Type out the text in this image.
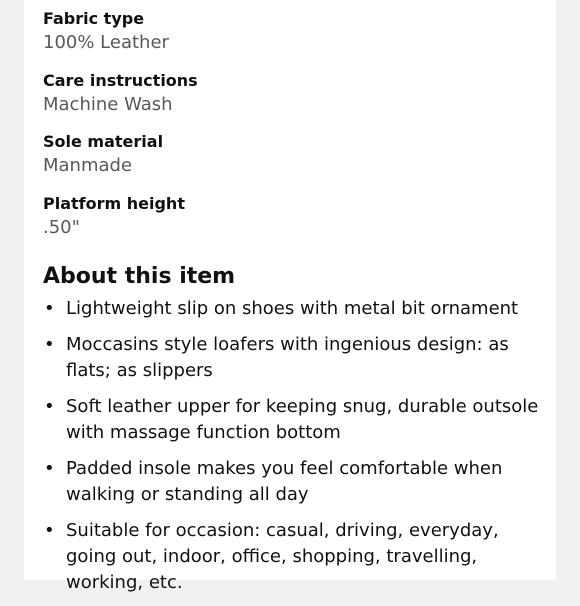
Fabric type
100% Leather
Care instructions
Machine Wash
Sole material
Manmade
Platform height
.50"
About this item
• Lightweight slip on shoes with metal bit ornament
• Moccasins style loafers with ingenious design: as flats; as slippers
• Soft leather upper for keeping snug, durable outsole with massage function bottom
• Padded insole makes you feel comfortable when walking or standing all day
• Suitable for occasion: casual, driving, everyday, going out, indoor, office, shopping, travelling, working, etc.
